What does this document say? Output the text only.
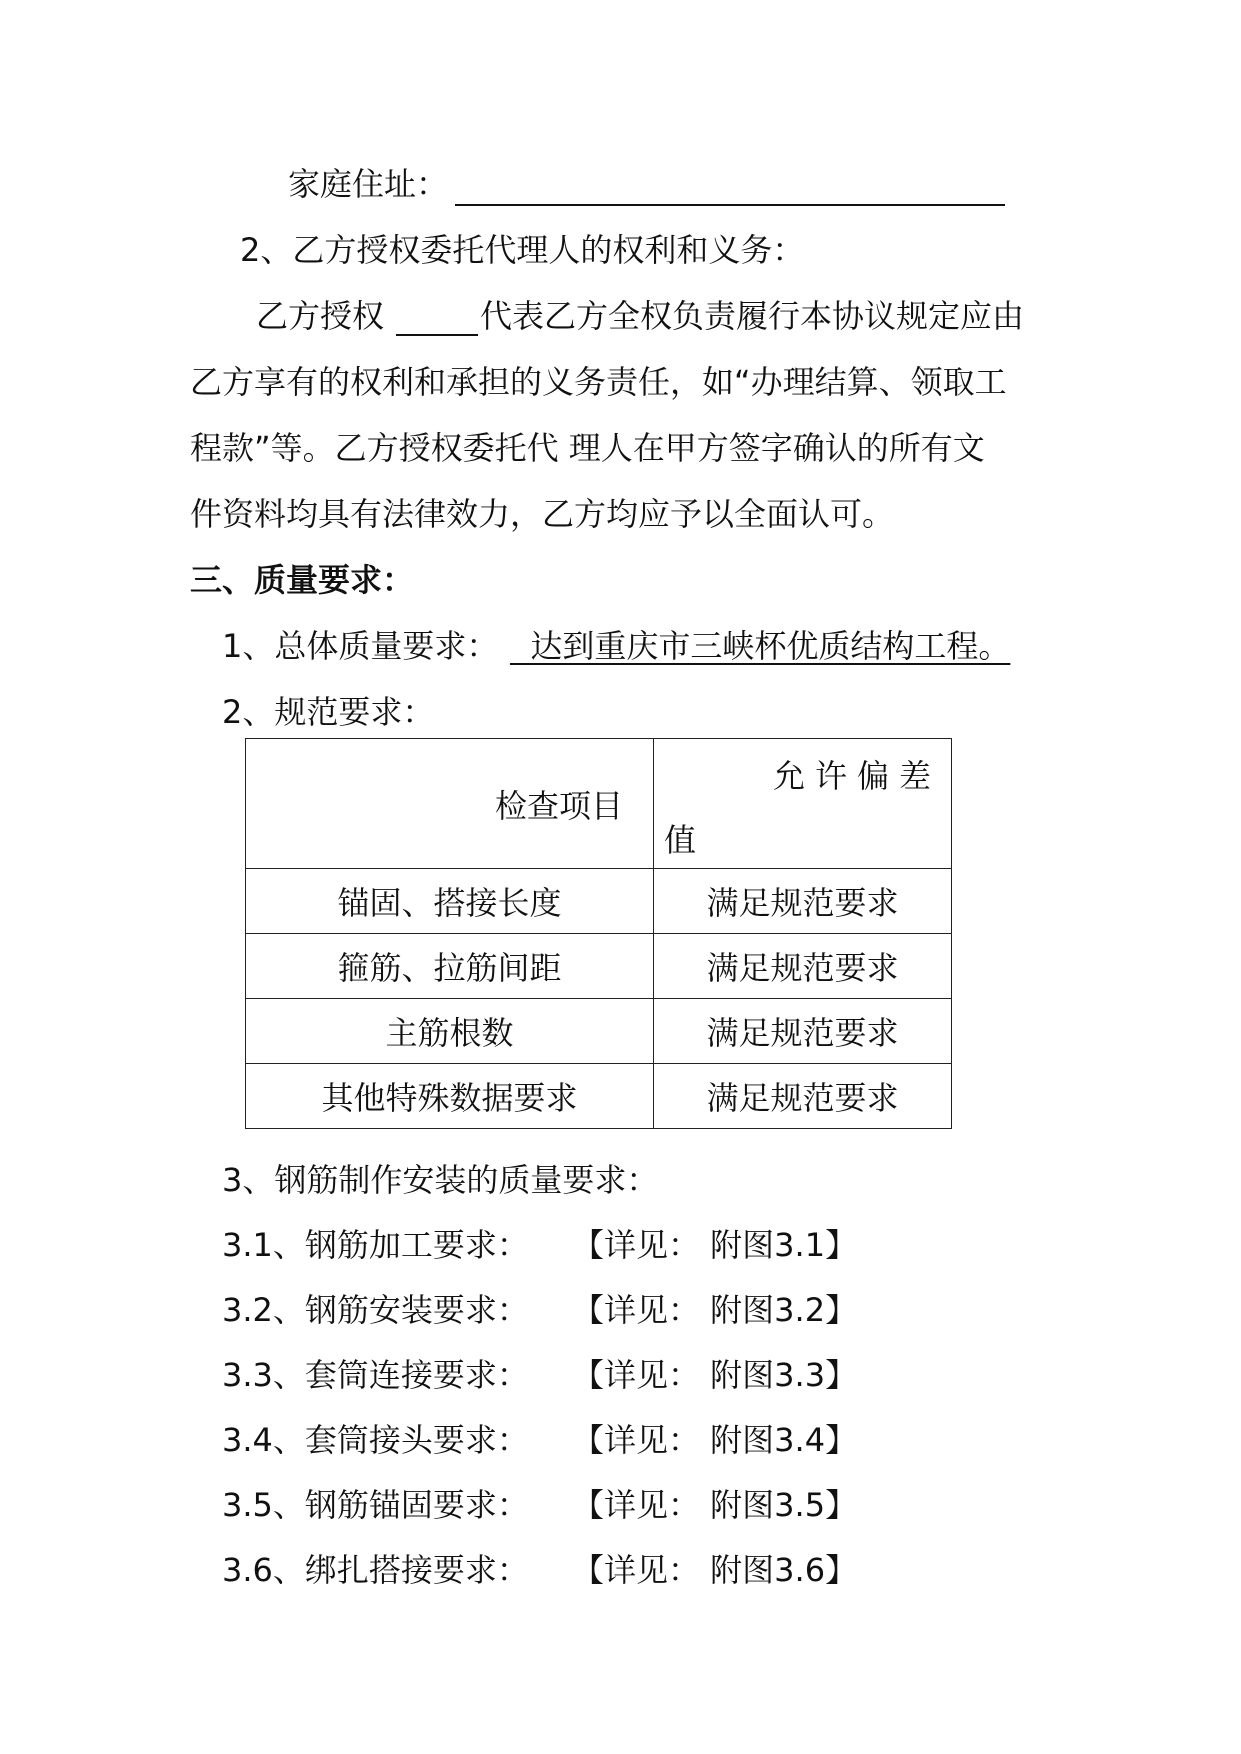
家庭住址：
2、乙方授权委托代理人的权利和义务：
乙方授权	代表乙方全权负责履行本协议规定应由
乙方享有的权利和承担的义务责任，如“办理结算、领取工
程款”等。乙方授权委托代 理人在甲方签字确认的所有文
件资料均具有法律效力，乙方均应予以全面认可。
三、质量要求：
1、总体质量要求： 达到重庆市三峡杯优质结构工程。
2、规范要求：
检查项目	允许偏差
值

锚固、搭接长度	满足规范要求
箍筋、拉筋间距	满足规范要求
主筋根数	满足规范要求
其他特殊数据要求	满足规范要求
3、钢筋制作安装的质量要求：
3.1、钢筋加工要求： 【详见： 附图3.1】
3.2、钢筋安装要求： 【详见： 附图3.2】
3.3、套筒连接要求： 【详见： 附图3.3】
3.4、套筒接头要求： 【详见： 附图3.4】
3.5、钢筋锚固要求： 【详见： 附图3.5】
3.6、绑扎搭接要求： 【详见： 附图3.6】
